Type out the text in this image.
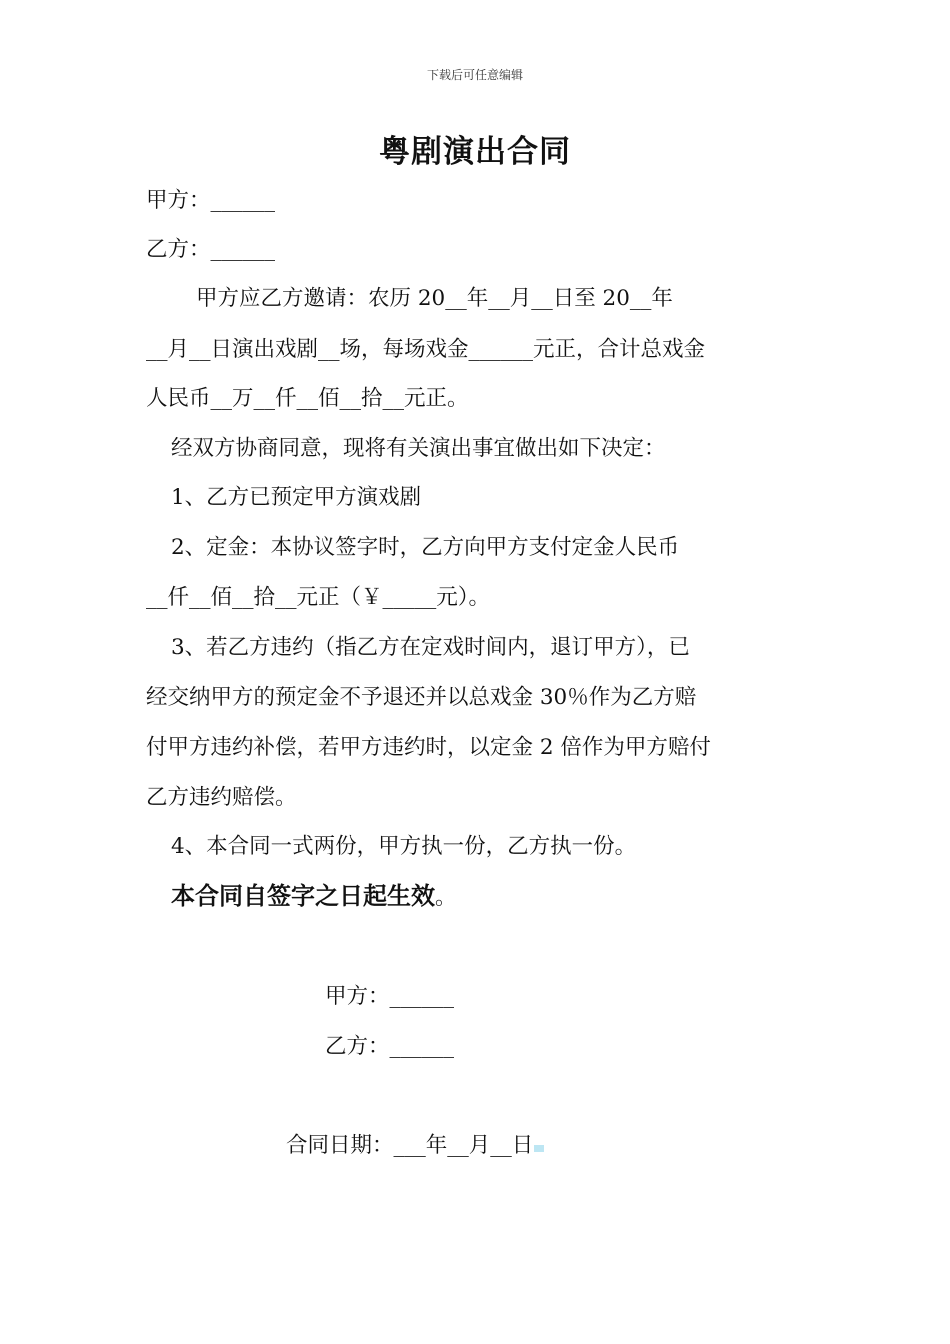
下载后可任意编辑
粤剧演出合同
甲方：______
乙方：______
甲方应乙方邀请：农历 20__年__月__日至 20__年
__月__日演出戏剧__场，每场戏金______元正，合计总戏金
人民币__万__仟__佰__拾__元正。
经双方协商同意，现将有关演出事宜做出如下决定：
1、乙方已预定甲方演戏剧
2、定金：本协议签字时，乙方向甲方支付定金人民币
__仟__佰__拾__元正（￥_____元）。
3、若乙方违约（指乙方在定戏时间内，退订甲方），已
经交纳甲方的预定金不予退还并以总戏金 30％作为乙方赔
付甲方违约补偿，若甲方违约时，以定金 2 倍作为甲方赔付
乙方违约赔偿。
4、本合同一式两份，甲方执一份，乙方执一份。
本合同自签字之日起生效。
甲方：______
乙方：______
合同日期：___年__月__日
